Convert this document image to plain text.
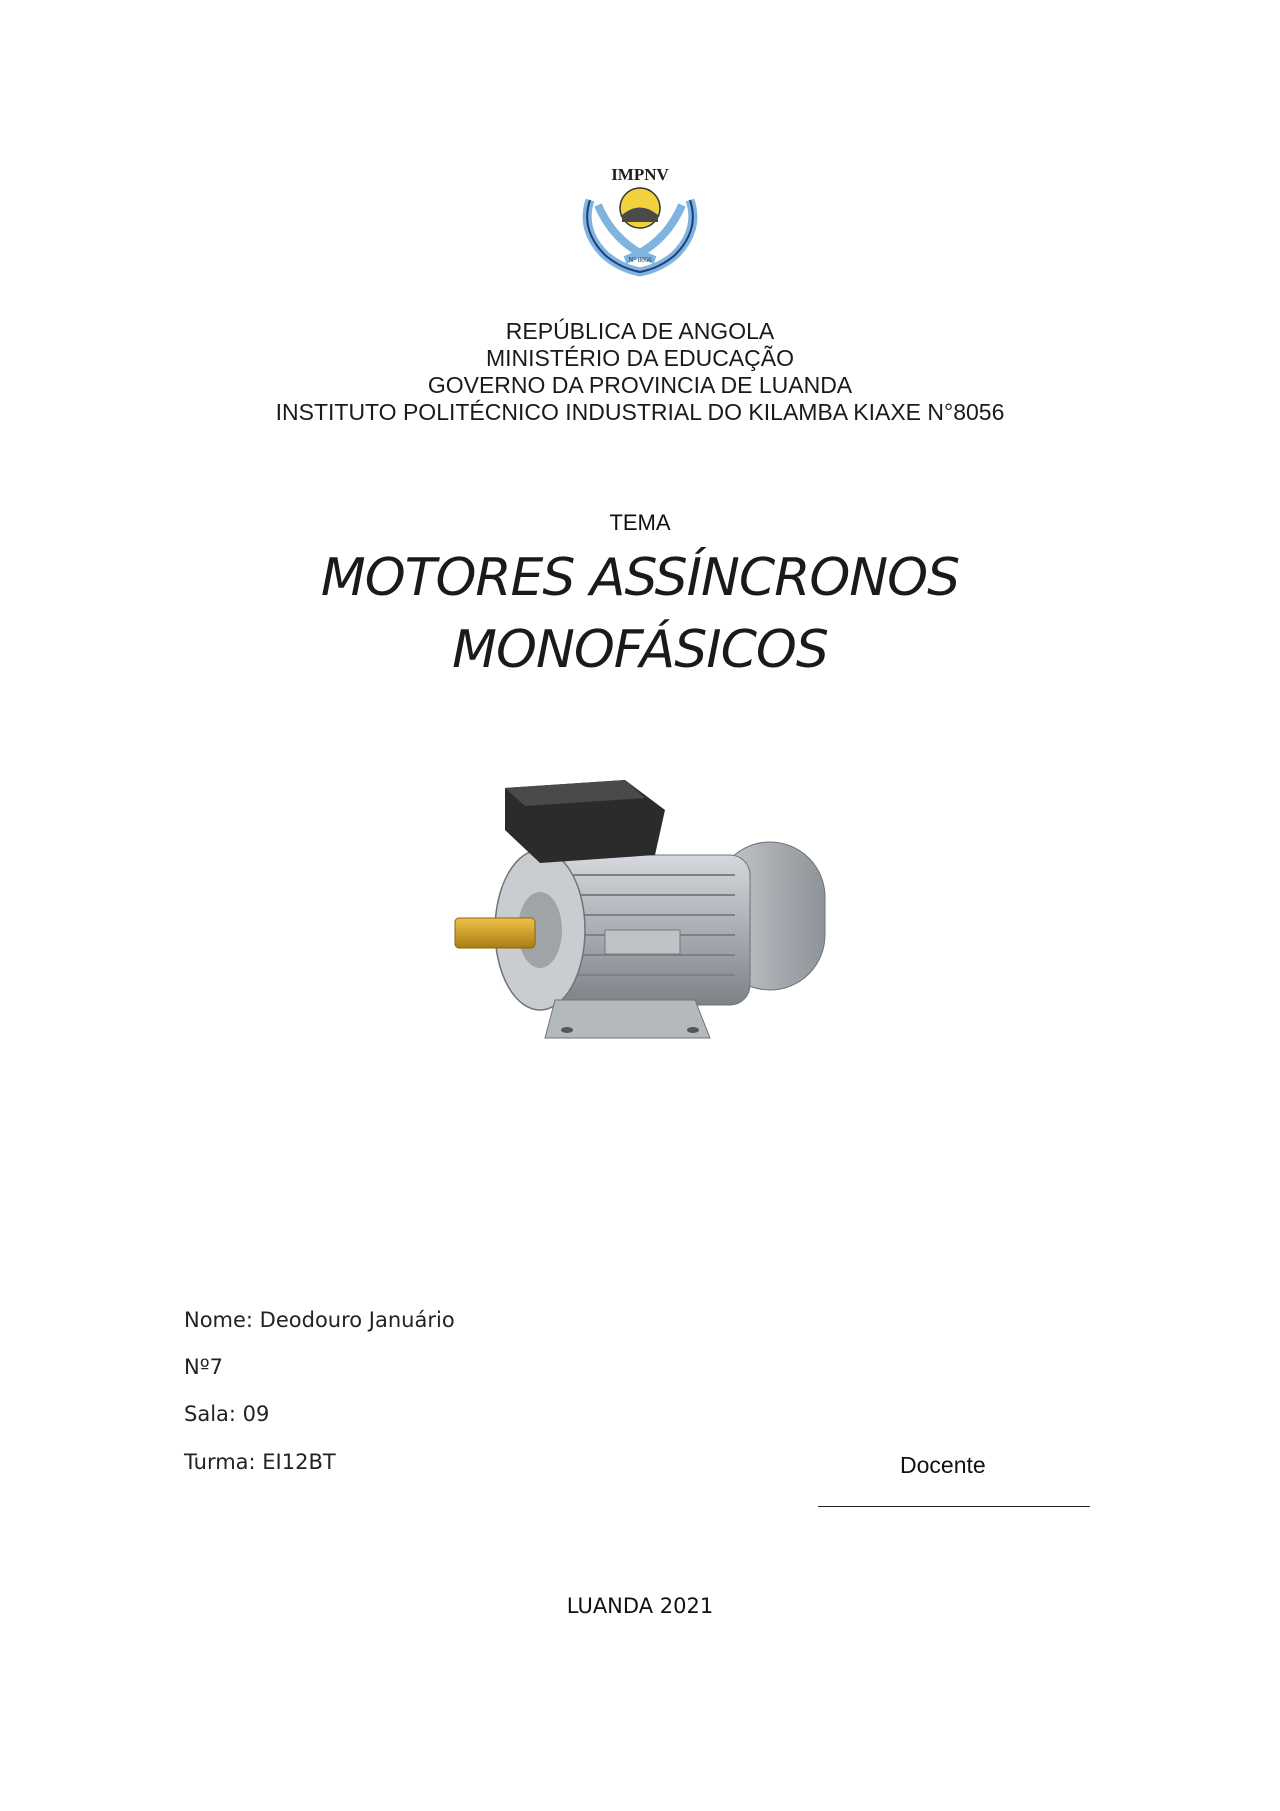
IMPNV
N° 8056
REPÚBLICA DE ANGOLA
MINISTÉRIO DA EDUCAÇÃO
GOVERNO DA PROVINCIA DE LUANDA
INSTITUTO POLITÉCNICO INDUSTRIAL DO KILAMBA KIAXE N°8056
TEMA
MOTORES ASSÍNCRONOS
MONOFÁSICOS
Nome: Deodouro Januário
Nº7
Sala: 09
Turma: EI12BT	Docente
LUANDA 2021
